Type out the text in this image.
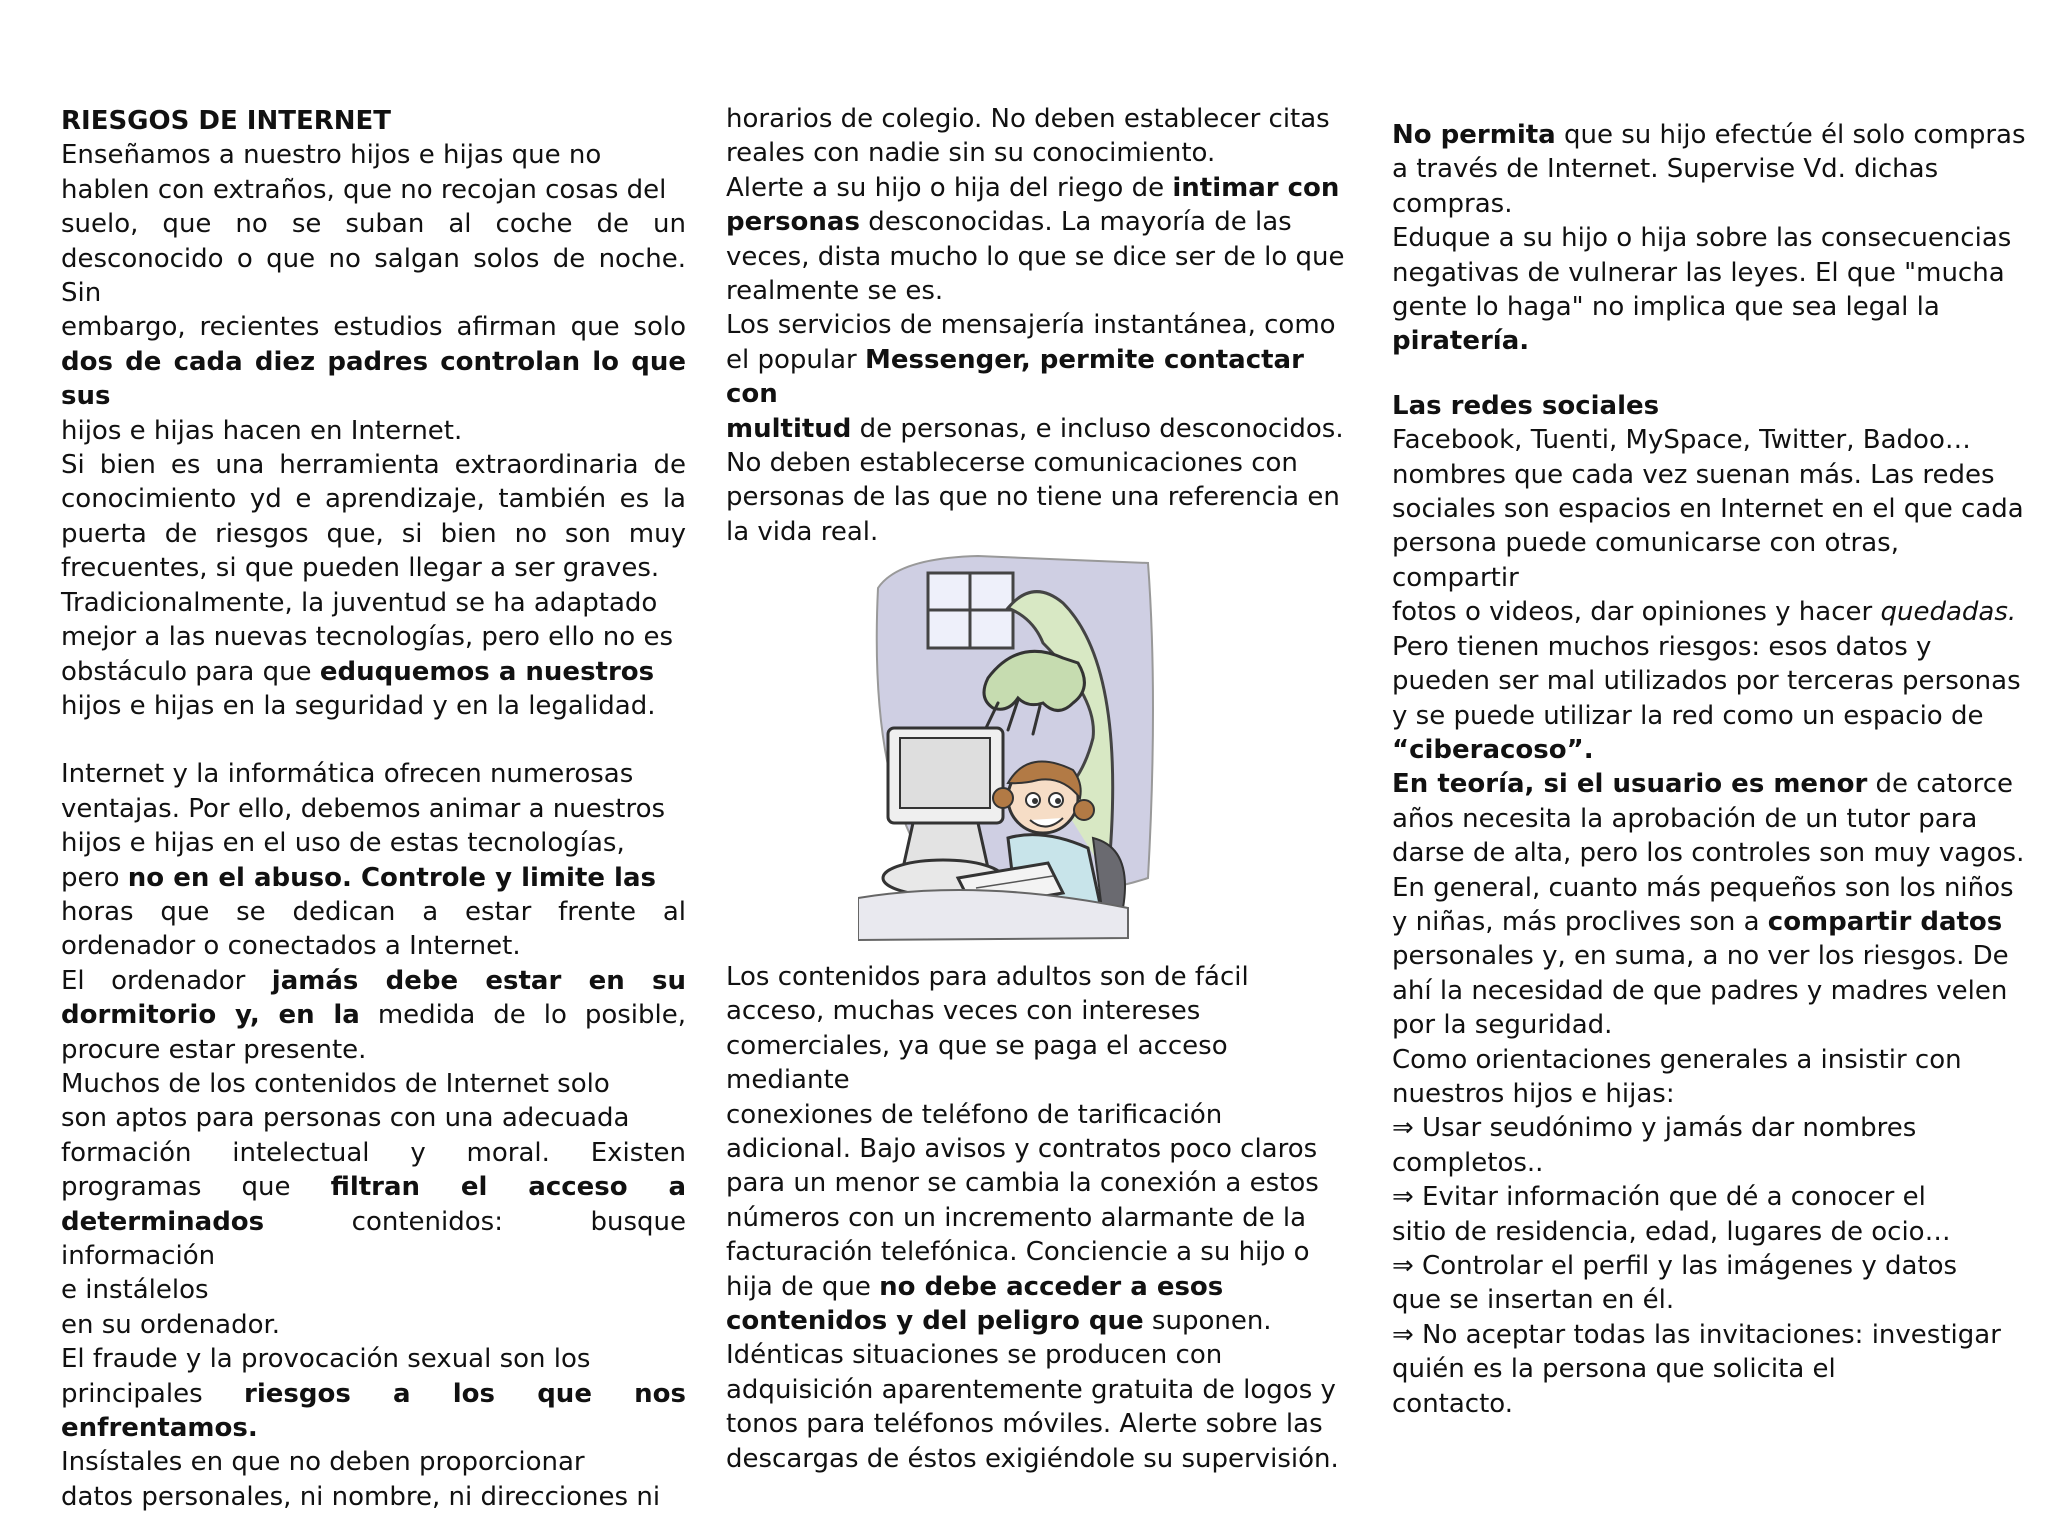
RIESGOS DE INTERNET

Enseñamos a nuestro hijos e hijas que no

hablen con extraños, que no recojan cosas del

suelo, que no se suban al coche de un

desconocido o que no salgan solos de noche. Sin

embargo, recientes estudios afirman que solo

dos de cada diez padres controlan lo que sus

hijos e hijas hacen en Internet.

Si bien es una herramienta extraordinaria de

conocimiento yd e aprendizaje, también es la

puerta de riesgos que, si bien no son muy

frecuentes, si que pueden llegar a ser graves.

Tradicionalmente, la juventud se ha adaptado

mejor a las nuevas tecnologías, pero ello no es

obstáculo para que eduquemos a nuestros

hijos e hijas en la seguridad y en la legalidad.

Internet y la informática ofrecen numerosas

ventajas. Por ello, debemos animar a nuestros

hijos e hijas en el uso de estas tecnologías,

pero no en el abuso. Controle y limite las

horas que se dedican a estar frente al

ordenador o conectados a Internet.

El ordenador jamás debe estar en su

dormitorio y, en la medida de lo posible,

procure estar presente.

Muchos de los contenidos de Internet solo

son aptos para personas con una adecuada

formación intelectual y moral. Existen

programas que filtran el acceso a

determinados contenidos: busque información

e instálelos

en su ordenador.

El fraude y la provocación sexual son los

principales riesgos a los que nos

enfrentamos.

Insístales en que no deben proporcionar

datos personales, ni nombre, ni direcciones ni

horarios de colegio. No deben establecer citas

reales con nadie sin su conocimiento.

Alerte a su hijo o hija del riego de intimar con

personas desconocidas. La mayoría de las

veces, dista mucho lo que se dice ser de lo que

realmente se es.

Los servicios de mensajería instantánea, como

el popular Messenger, permite contactar con

multitud de personas, e incluso desconocidos.

No deben establecerse comunicaciones con

personas de las que no tiene una referencia en

la vida real.

Los contenidos para adultos son de fácil

acceso, muchas veces con intereses

comerciales, ya que se paga el acceso mediante

conexiones de teléfono de tarificación

adicional. Bajo avisos y contratos poco claros

para un menor se cambia la conexión a estos

números con un incremento alarmante de la

facturación telefónica. Conciencie a su hijo o

hija de que no debe acceder a esos

contenidos y del peligro que suponen.

Idénticas situaciones se producen con

adquisición aparentemente gratuita de logos y

tonos para teléfonos móviles. Alerte sobre las

descargas de éstos exigiéndole su supervisión.

No permita que su hijo efectúe él solo compras

a través de Internet. Supervise Vd. dichas

compras.

Eduque a su hijo o hija sobre las consecuencias

negativas de vulnerar las leyes. El que "mucha

gente lo haga" no implica que sea legal la

piratería.

Las redes sociales

Facebook, Tuenti, MySpace, Twitter, Badoo…

nombres que cada vez suenan más. Las redes

sociales son espacios en Internet en el que cada

persona puede comunicarse con otras, compartir

fotos o videos, dar opiniones y hacer quedadas.

Pero tienen muchos riesgos: esos datos y

pueden ser mal utilizados por terceras personas

y se puede utilizar la red como un espacio de

“ciberacoso”.

En teoría, si el usuario es menor de catorce

años necesita la aprobación de un tutor para

darse de alta, pero los controles son muy vagos.

En general, cuanto más pequeños son los niños

y niñas, más proclives son a compartir datos

personales y, en suma, a no ver los riesgos. De

ahí la necesidad de que padres y madres velen

por la seguridad.

Como orientaciones generales a insistir con

nuestros hijos e hijas:

⇒ Usar seudónimo y jamás dar nombres

completos..

⇒ Evitar información que dé a conocer el

sitio de residencia, edad, lugares de ocio…

⇒ Controlar el perfil y las imágenes y datos

que se insertan en él.

⇒ No aceptar todas las invitaciones: investigar

quién es la persona que solicita el

contacto.
